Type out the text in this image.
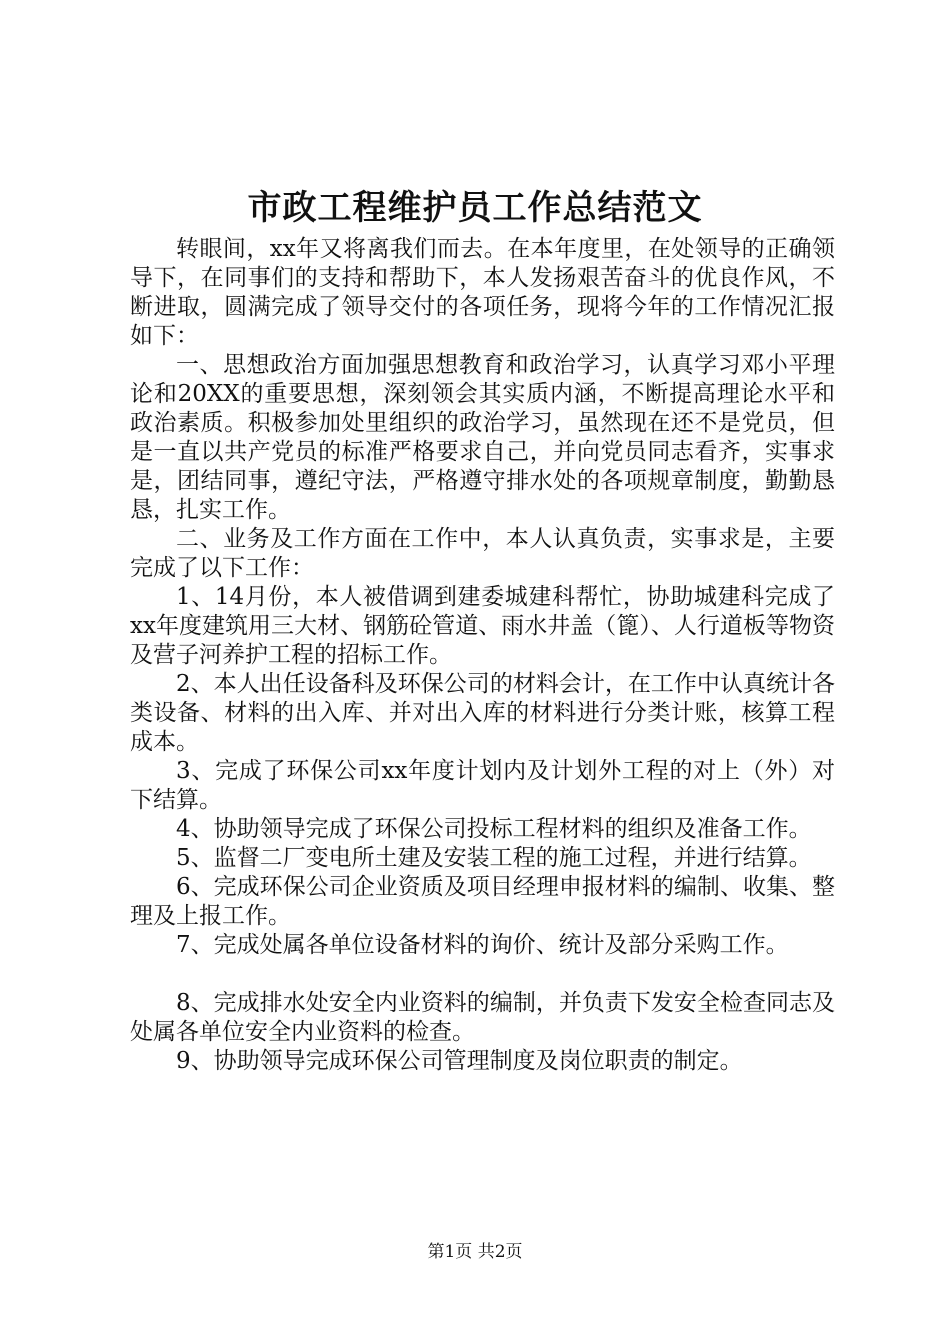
市政工程维护员工作总结范文

转眼间，xx年又将离我们而去。在本年度里，在处领导的正确领导下，在同事们的支持和帮助下，本人发扬艰苦奋斗的优良作风，不断进取，圆满完成了领导交付的各项任务，现将今年的工作情况汇报如下：

一、思想政治方面加强思想教育和政治学习，认真学习邓小平理论和20XX的重要思想，深刻领会其实质内涵，不断提高理论水平和政治素质。积极参加处里组织的政治学习，虽然现在还不是党员，但是一直以共产党员的标准严格要求自己，并向党员同志看齐，实事求是，团结同事，遵纪守法，严格遵守排水处的各项规章制度，勤勤恳恳，扎实工作。

二、业务及工作方面在工作中，本人认真负责，实事求是，主要完成了以下工作：

1、14月份，本人被借调到建委城建科帮忙，协助城建科完成了xx年度建筑用三大材、钢筋砼管道、雨水井盖（篦）、人行道板等物资及营子河养护工程的招标工作。

2、本人出任设备科及环保公司的材料会计，在工作中认真统计各类设备、材料的出入库、并对出入库的材料进行分类计账，核算工程成本。

3、完成了环保公司xx年度计划内及计划外工程的对上（外）对下结算。

4、协助领导完成了环保公司投标工程材料的组织及准备工作。

5、监督二厂变电所土建及安装工程的施工过程，并进行结算。

6、完成环保公司企业资质及项目经理申报材料的编制、收集、整理及上报工作。

7、完成处属各单位设备材料的询价、统计及部分采购工作。

8、完成排水处安全内业资料的编制，并负责下发安全检查同志及处属各单位安全内业资料的检查。

9、协助领导完成环保公司管理制度及岗位职责的制定。

第1页 共2页
